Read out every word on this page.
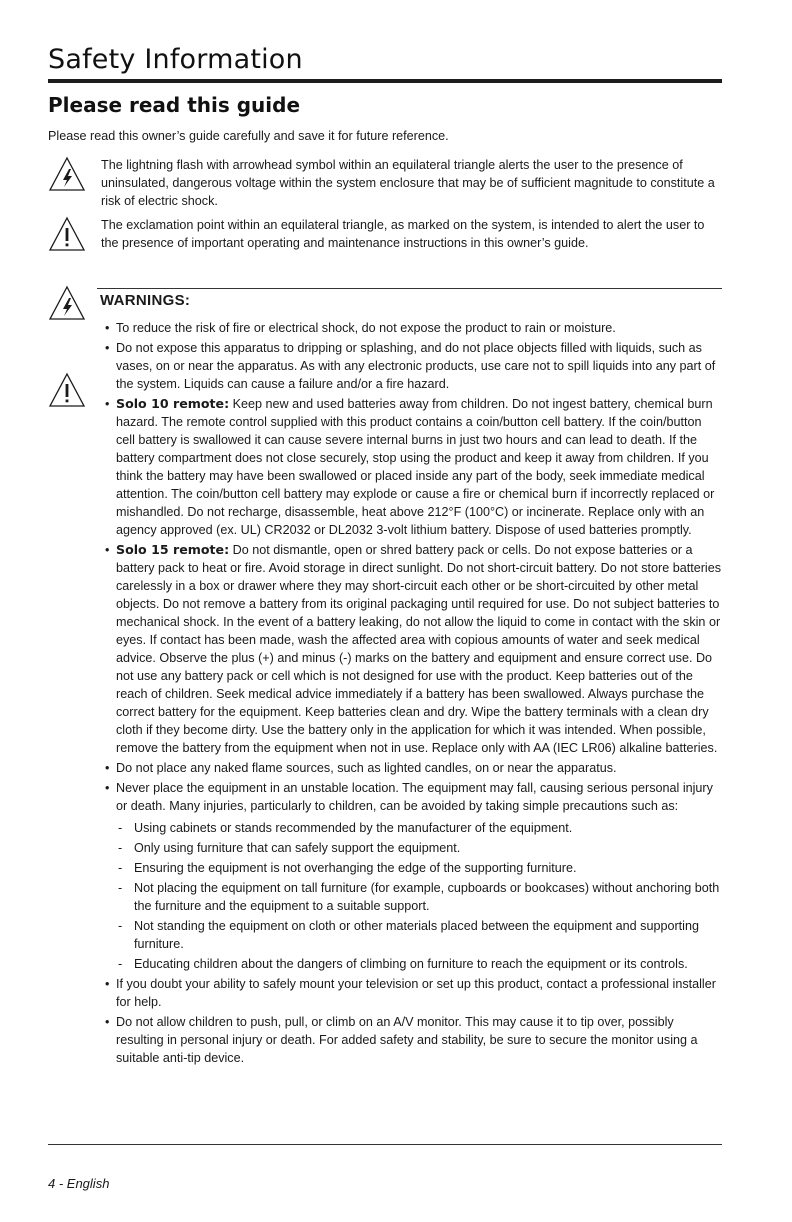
Safety Information
Please read this guide
Please read this owner’s guide carefully and save it for future reference.
The lightning flash with arrowhead symbol within an equilateral triangle alerts the user to the presence of uninsulated, dangerous voltage within the system enclosure that may be of sufficient magnitude to constitute a risk of electric shock.
The exclamation point within an equilateral triangle, as marked on the system, is intended to alert the user to the presence of important operating and maintenance instructions in this owner’s guide.
WARNINGS:
• To reduce the risk of fire or electrical shock, do not expose the product to rain or moisture.
• Do not expose this apparatus to dripping or splashing, and do not place objects filled with liquids, such as vases, on or near the apparatus. As with any electronic products, use care not to spill liquids into any part of the system. Liquids can cause a failure and/or a fire hazard.
• Solo 10 remote: Keep new and used batteries away from children. Do not ingest battery, chemical burn hazard. The remote control supplied with this product contains a coin/button cell battery. If the coin/button cell battery is swallowed it can cause severe internal burns in just two hours and can lead to death. If the battery compartment does not close securely, stop using the product and keep it away from children. If you think the battery may have been swallowed or placed inside any part of the body, seek immediate medical attention. The coin/button cell battery may explode or cause a fire or chemical burn if incorrectly replaced or mishandled. Do not recharge, disassemble, heat above 212°F (100°C) or incinerate. Replace only with an agency approved (ex. UL) CR2032 or DL2032 3-volt lithium battery. Dispose of used batteries promptly.
• Solo 15 remote: Do not dismantle, open or shred battery pack or cells. Do not expose batteries or a battery pack to heat or fire. Avoid storage in direct sunlight. Do not short-circuit battery. Do not store batteries carelessly in a box or drawer where they may short-circuit each other or be short-circuited by other metal objects. Do not remove a battery from its original packaging until required for use. Do not subject batteries to mechanical shock. In the event of a battery leaking, do not allow the liquid to come in contact with the skin or eyes. If contact has been made, wash the affected area with copious amounts of water and seek medical advice. Observe the plus (+) and minus (-) marks on the battery and equipment and ensure correct use. Do not use any battery pack or cell which is not designed for use with the product. Keep batteries out of the reach of children. Seek medical advice immediately if a battery has been swallowed. Always purchase the correct battery for the equipment. Keep batteries clean and dry. Wipe the battery terminals with a clean dry cloth if they become dirty. Use the battery only in the application for which it was intended. When possible, remove the battery from the equipment when not in use. Replace only with AA (IEC LR06) alkaline batteries.
• Do not place any naked flame sources, such as lighted candles, on or near the apparatus.
• Never place the equipment in an unstable location. The equipment may fall, causing serious personal injury or death. Many injuries, particularly to children, can be avoided by taking simple precautions such as:
- Using cabinets or stands recommended by the manufacturer of the equipment.
- Only using furniture that can safely support the equipment.
- Ensuring the equipment is not overhanging the edge of the supporting furniture.
- Not placing the equipment on tall furniture (for example, cupboards or bookcases) without anchoring both the furniture and the equipment to a suitable support.
- Not standing the equipment on cloth or other materials placed between the equipment and supporting furniture.
- Educating children about the dangers of climbing on furniture to reach the equipment or its controls.
• If you doubt your ability to safely mount your television or set up this product, contact a professional installer for help.
• Do not allow children to push, pull, or climb on an A/V monitor. This may cause it to tip over, possibly resulting in personal injury or death. For added safety and stability, be sure to secure the monitor using a suitable anti-tip device.
4 - English
